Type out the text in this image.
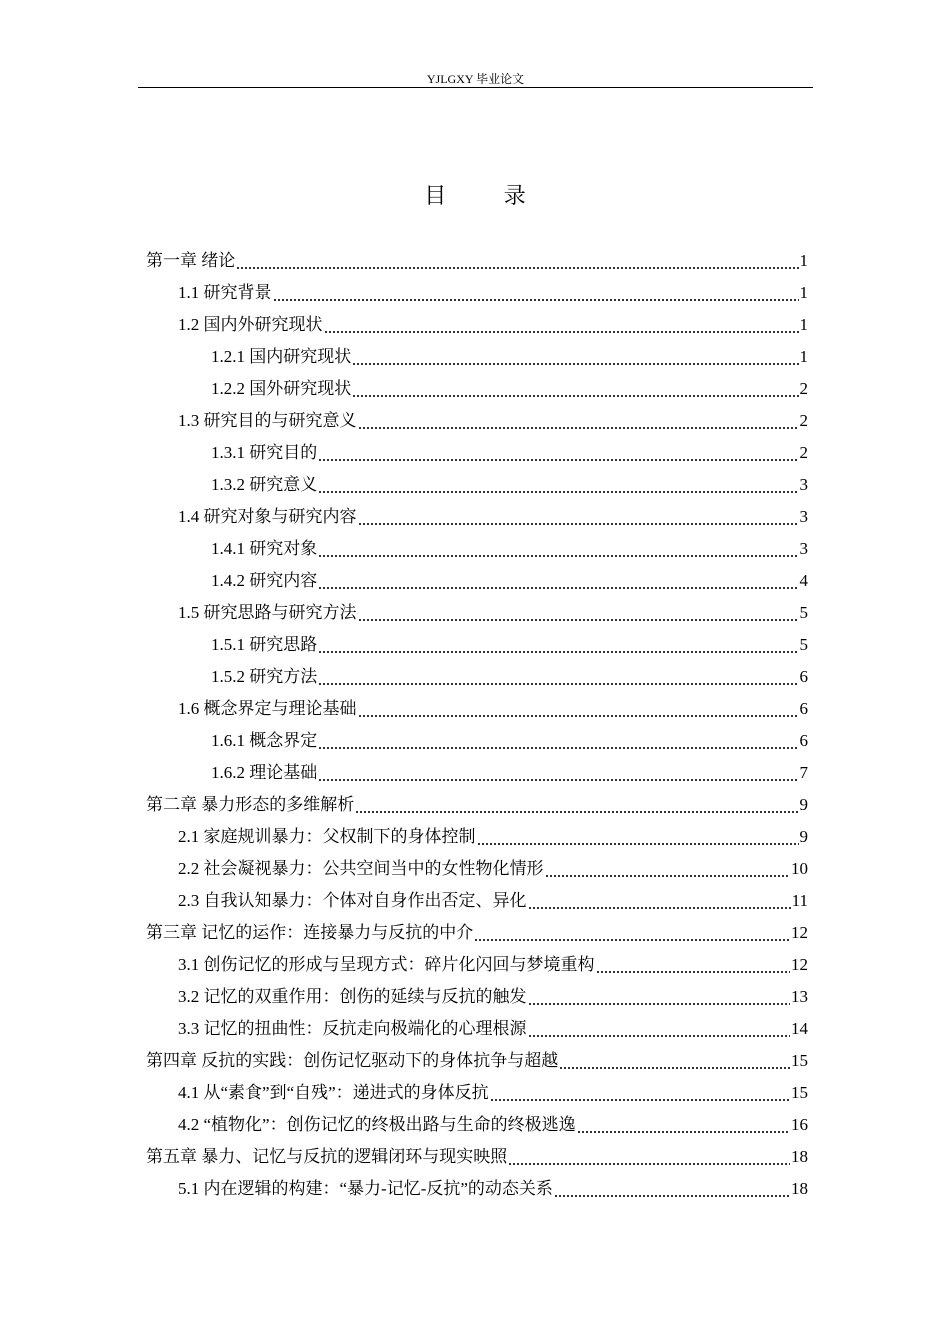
YJLGXY 毕业论文
目 录
第一章 绪论	1
1.1 研究背景	1
1.2 国内外研究现状	1
1.2.1 国内研究现状	1
1.2.2 国外研究现状	2
1.3 研究目的与研究意义	2
1.3.1 研究目的	2
1.3.2 研究意义	3
1.4 研究对象与研究内容	3
1.4.1 研究对象	3
1.4.2 研究内容	4
1.5 研究思路与研究方法	5
1.5.1 研究思路	5
1.5.2 研究方法	6
1.6 概念界定与理论基础	6
1.6.1 概念界定	6
1.6.2 理论基础	7
第二章 暴力形态的多维解析	9
2.1 家庭规训暴力：父权制下的身体控制	9
2.2 社会凝视暴力：公共空间当中的女性物化情形	10
2.3 自我认知暴力：个体对自身作出否定、异化	11
第三章 记忆的运作：连接暴力与反抗的中介	12
3.1 创伤记忆的形成与呈现方式：碎片化闪回与梦境重构	12
3.2 记忆的双重作用：创伤的延续与反抗的触发	13
3.3 记忆的扭曲性：反抗走向极端化的心理根源	14
第四章 反抗的实践：创伤记忆驱动下的身体抗争与超越	15
4.1 从“素食”到“自残”：递进式的身体反抗	15
4.2 “植物化”：创伤记忆的终极出路与生命的终极逃逸	16
第五章 暴力、记忆与反抗的逻辑闭环与现实映照	18
5.1 内在逻辑的构建：“暴力-记忆-反抗”的动态关系	18
